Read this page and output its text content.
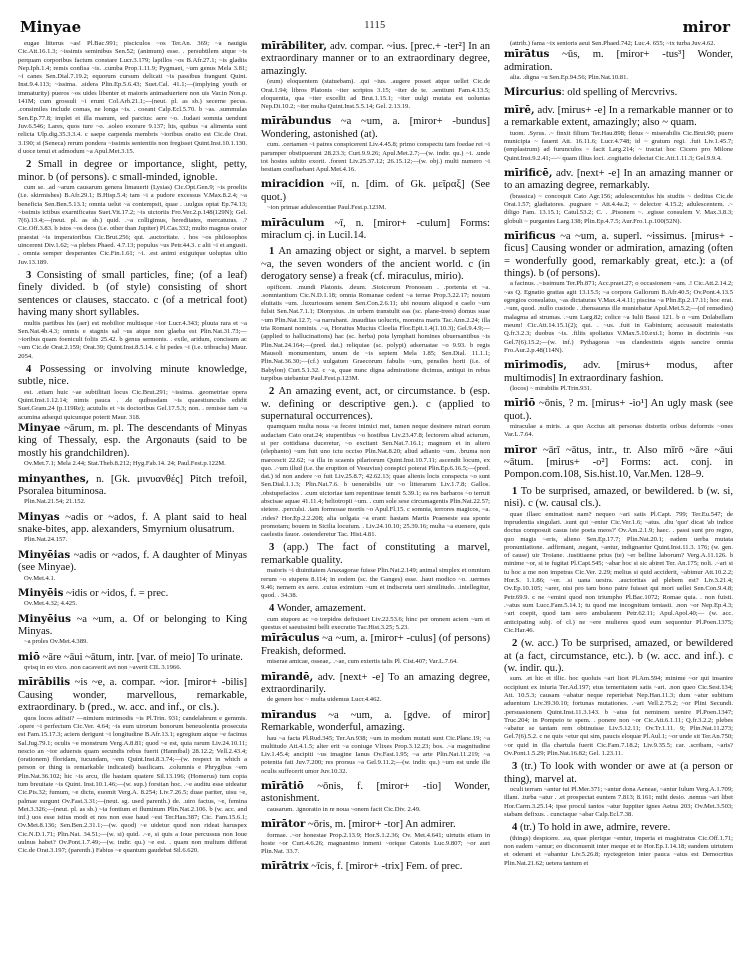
Minyae	1115	miror

eugae litterus ~as! Pl.Bac.991; pisciculos ~os Ter.An. 369; ~a nauigia Cic.Att.16.1.3; ~issimis seminibus Sen.52; (animum) esse. . persubtilem atque ~is perquam corporibus factum constare Lucr.3.179; lapillos ~os B.Afr.27.1; ~is gladiis Nep.Iph.1.4; remis confisa ~is. .cumba Prop.1.11.9; Pygmaei, ~um genus Mela 3.81; ~i canes Sen.Dial.7.19.2; equorum cursum delicati ~is passibus frangunt Quint. Inst.9.4.113; ~issima. .sidera Plin.Ep.5.6.43; Suet.Cal. 41.1;—(implying youth or immaturity) pueros ~os uides libenter et maioris animaduertere non uis Var.in Non.p. 141M; cum grossuli ~i erunt Col.Arb.21.1;—(neut. pl. as sb.) secerne pecus. .consimiles include comas, ne longa ~is. . coeant Calp.Ecl.5.70. b ~as. .summulas Sen.Ep.77.8; implet et illa manum, sed parcius: aere ~o. .Iudaei somnia uendunt Juv.6.546; Lares, quos ture ~o. .soleo exorare 9.137; his, quibus ~a alimenta sunt relicta Ulp.dig.35.3.3.4. c saepe carpenda membris ~ioribus oratio est Cic.de Orat. 3.190; si (Seneca) rerum pondera ~issimis sententiis non fregisset Quint.Inst.10.1.130. d uoce tenui et admodum ~a Apul.Met.3.15.

2 Small in degree or importance, slight, petty, minor. b (of persons). c small-minded, ignoble.

cum se. .ad ~arum causarum genera limauerit (Lysias) Cic.Opt.Gen.9; ~is proeliis (i.e. skirmishes) B.Afr.29.1; B.Hisp.5.4; tam ~i a pudore excessus V.Max.8.2.4; ~a beneficia Sen.Ben.5.13.1; omnia uelut ~a contempsit, quae . .uulgus optat Ep.74.13; ~issimis ictibus exarnificatus Suet.Vit.17.2; ~is uictoriis Fro.Ver.2.p.148(129N); Gel. 7(6).13.4;—(neut. pl. as sb.) quid. .~a colligimus, hereditates, mercaturas. .? Cic.Off.3.83. b istos ~os deos (i.e. other than Jupiter) Pl.Cas.332; multo magnus orator praestat ~is imperatoribus Cic.Brut.256; qui. .auctoritate. . hos ~os philosophos uincerent Div.1.62; ~a plebes Phaed. 4.7.13; populus ~us Petr.44.3. c alii ~i et angusti. . omnia semper desperantes Cic.Fin.1.61; ~i. .est animi exiguique uoluptas ultio Juv.13.189.

3 Consisting of small particles, fine; (of a leaf) finely divided. b (of style) consisting of short sentences or clauses, staccato. c (of a metrical foot) having many short syllables.

multis partibus his (aer) est mobilior multisque ~ior Lucr.4.343; pluuia rara et ~a Sen.Nat.4b.4.3; omnis e stagnis sal ~us atque non glaeba est Plin.Nat.31.73;— ~ioribus quam foeniculi foliis 25.42. b genus sermonis. . exile, aridum, concisum ac ~um Cic.de Orat.2.159; Orat.39; Quint.Inst.8.5.14. c hi pedes ~i (i.e. tribrachs) Maur. 2054.

4 Possessing or involving minute knowledge, subtle, nice.

est. .etiam huic ~ae subtilitati locus Cic.Brut.291; ~issima. .geometriae opera Quint.Inst.1.12.14; nimis pauca . .de quibusdam ~is quaestiunculis edidit Suet.Gram.24 (p.119Re); acutulis et ~is doctoribus Gel.17.5.3; non. . remisse tam ~a acumina adsequi quicunque poterit Maur. 318.

Minyae ~ārum, m. pl. The descendants of Minyas king of Thessaly, esp. the Argonauts (said to be mostly his grandchildren).

Ov.Met.7.1; Mela 2.44; Stat.Theb.8.212; Hyg.Fab.14. 24; Paul.Fest.p.122M.

minyanthes, n. [Gk. μινυανθές] Pitch trefoil, Psoralea bituminosa.

Plin.Nat.21.54; 21.152.

Minyas ~adis or ~ados, f. A plant said to heal snake-bites, app. alexanders, Smyrnium olusatrum.

Plin.Nat.24.157.

Minyēias ~adis or ~ados, f. A daughter of Minyas (see Minyae).

Ov.Met.4.1.

Minyēis ~idis or ~idos, f. = prec.

Ov.Met.4.32; 4.425.

Minyēius ~a ~um, a. Of or belonging to King Minyas.

~a proles Ov.Met.4.389.

miō ~āre ~āui ~ātum, intr. [var. of meio] To urinate.

qvisq in eo vico. .non cacaverit avt non ~averit CIL 3.1966.

mīrābilis ~is ~e, a. compar. ~ior. [miror+ -bilis] Causing wonder, marvellous, remarkable, extraordinary. b (pred., w. acc. and inf., or cls.).

quos locos adiisti? —nimium mirimodis ~is Pl.Trin. 931; candelabrum e gemmis. .opere ~i perfectum Cic.Ver. 4.64; ~is eum uirorum bonorum beneuolentia prosecuta est Fam.15.17.3; aciem derigunt ~i longitudine B.Afr.13.1; egregium atque ~e facinus Sal.Jug.79.1; oculis ~e monstrum Verg.A.8.81; quod ~e est, quia rarum Liv.24.10.11; nescio an ~ior aduersis quam secundis rebus fuerit (Hannibal) 28.12.2; Vell.2.43.4; (orationem) floridam, iucundam, ~em Quint.Inst.8.3.74;—(w. respect in which a person or thing is remarkable indicated) basilicam. .columnis e Phrygibus ~em Plin.Nat.36.102; hic ~is arcu, ille hastam quatere Sil.13.196; (Homerus) tum copia tum breuitate ~is Quint. Inst.10.1.46;—(w. sup.) forsitan hoc. .~e auditu esse uideatur Cic.Pis.32; fumum, ~e dictu, euomit Verg.A. 8.254; Liv.7.26.5; duae pariter, uisu ~e, palmae surgunt Ov.Fast.3.31;—(neut. sg. used parenth.) de. .uiro factus, ~e, femina Met.3.326;—(neut. pl. as sb.) ~ia fontium et fluminum Plin.Nat.2.106. b (w. acc. and inf.) uos esse istius modi et nos non esse haud ~est Ter.Hau.387; Cic. Fam.15.6.1; Ov.Met.8.136; Sen.Ben.2.31.1;—(w. quod) ~e uidetur quod non rideat haruspex Cic.N.D.1.71; Plin.Nat. 34.51;—(w. si) quid. .~e, si quis a Ioue percussus non Ioue uulnus habet? Ov.Pont.1.7.49;—(w. indir. qu.) ~e est. . quam non multum differat Cic.de Orat.3.197; (parenth.) Fabius ~e quantum gaudebat Sil.6.620.

mīrābiliter, adv. compar. ~ius. [prec.+ -ter²] In an extraordinary manner or to an extraordinary degree, amazingly.

(eum) eloquentem (statuebam). .qui ~ius. .augere posset atque uellet Cic.de Orat.1.94; libros Platonis ~iter scriptos 3.15; ~iter de te. .sentiunt Fam.4.13.5; eloquentia, qua ~iter excellit ad Brut.1.15.1; ~iter uulgi mutata est uoluntas Nep.Di.10.2; ~iter multa Quint.Inst.5.5.14; Gel. 2.13.19.

mīrābundus ~a ~um, a. [miror+ -bundus] Wondering, astonished (at).

cum. .certamen ~i patres conspicerent Liv.4.45.8; primo conspectu tam foedae rei ~i parumper obstipuerunt 28.23.3; Curt.9.9.26; Apul.Met.2.7;—(w. indir. qu.) ~i. .unde tot hostes subito exorti. .forent Liv.25.37.12; 26.15.12;—(w. obj.) multi numero ~i bestiam confluebant Apul.Met.4.16.

miracidion ~iī, n. [dim. of Gk. μεῖραξ] (See quot.)

~ion primae adulescentiae Paul.Fest.p.123M.

mīrāculum ~ī, n. [miror+ -culum] Forms: miraclum cj. in Lucil.14.

1 An amazing object or sight, a marvel. b septem ~a, the seven wonders of the ancient world. c (in derogatory sense) a freak (cf. miraculus, mirio).

opificem. .mundi Platonis. .deum. .Stoicorum Pronoeam . .portenta et ~a. .somniantium Cic.N.D.1.18; omnia Romanae cedent ~a terrae Prop.3.22.17; nouum eluitatis ~um. .luxuriosum senem Sen.Con.2.6.11; ubi nouum aliquod e caelo ~um fulsit Sen.Nat.7.1.1; Dionysius. .in urbem transtulit eas (sc. plane-trees) domus suae ~um Plin.Nat.12.7; ~a narrabant. .inauditas uolucris, monstra maris Tac.Ann.2.24; illa tria Romani nominis. .~a, Horatius Mucius Cloelia Flor.Epit.1.4(1.10.3); Gel.9.4.9;— (applied to hallucinations) hac (sc. herba) pota lymphati homines obuersantibus ~is Plin.Nat.24.164;—(pred. dat.) reliquiae (sc. polypi) adseruatae ~o 9.93. b regis Mausoli monumentum, unum de ~is septem Mela 1.85; Sen.Dial. 11.1.1; Plin.Nat.36.30;—(cf.) uulgatum Graecorum fabulis ~um, pensiles horti (i.e. of Babylon) Curt.5.1.32. c ~a, quae nunc digna admiratione dicimus, antiqui in rebus turpibus utebantur Paul.Fest.p.123M.

2 An amazing event, act, or circumstance. b (esp. w. defining or descriptive gen.). c (applied to supernatural occurrences).

quamquam multa noua ~a fecere inimici mei, tamen neque desinere mirari eorum audaciam Cato orat.24; stupentibus ~o hostibus Liv.23.47.8; lectorem aliud acturum, si per cottidiana duceretur, ~o excitant Sen.Nat.7.16.1; magnum et in altero (elephanto) ~um fuit uno ictu occiso Plin.Nat.8.20; aliud adianto ~um. .bruma non marcescit 22.62; ~a illa in scaenis pilariorum Quint.Inst.10.7.11; ascendit locum, ex quo. .~um illud (i.e. the eruption of Vesuvius) conspici poterat Plin.Ep.6.16.5;—(pred. dat.) id non andere ~o fuit Liv.25.8.7; 42.62.13; quae alienis locis conspecta ~o sunt Sen.Dial.1.1.3; Plin.Nat.7.6. b uenerabilis uir ~o litterarum Liv.1.7.8; Gallos. .obstupefactos . .cum uictoriae tam repentinae tenuit 5.39.1; ea res barbaros ~o terruit abscisae aquae 41.11.4; heliotropii ~um. . cum sole sese circumagentis Plin.Nat.22.57; stetere. .perculsi. .tam formosae mortis ~o Apul.Fl.15. c somnia, terrores magicos, ~a. .rides? Hor.Ep.2.2.208; alia uolgata ~a erant: hastam Martis Praeneste sua sponte promotam; bouem in Sicilia locutum. . Liv.24.10.10; 25.39.16; multa ~a euenere, quis caelestis fauor. .ostenderetur Tac. Hist.4.81.

3 (app.) The fact of constituting a marvel, remarkable quality.

maioris ~i diuinitatem Anaxagorae fuisse Plin.Nat.2.149; animal simplex et omnium rerum ~o stupens 8.114; in eodem (sc. the Ganges) esse. .haut modico ~o. .uermes 9.46; nemem ex aere. .cuius eximium ~um et indiscreta ueri similitudo. .intellegitur, quod. . 34.38.

4 Wonder, amazement.

cum stupore ac ~o torpidos defixisset Liv.22.53.6; hinc per omnem aciem ~um et questus et saeuissimi belli execratio Tac.Hist.3.25; 5.23.

mīrāculus ~a ~um, a. [miror+ -culus] (of persons) Freakish, deformed.

miserae amicae, osseae,. .~ae, cum extertis talis Pl. Cist.407; Var.L.7.64.

mīrandē, adv. [next+ -e] To an amazing degree, extraordinarily.

de genere hoc ~ multa uidemus Lucr.4.462.

mīrandus ~a ~um, a. [gdve. of miror] Remarkable, wonderful, amazing.

hau ~a facta Pl.Rud.345; Ter.An.938; ~um in modum mutati sunt Cic.Planc.19; ~a multitudo Att.4.1.5; alter erit ~a coniuge Vlixes Prop.3.12.23; bos. .~a magnitudine Liv.1.45.4; ancipiti ~us imagine Ianus Ov.Fast.1.95; ~a arte Plin.Nat.11.219; ~a potentia fati Juv.7.200; res prorsus ~a Gel.9.11.2;—(w. indir. qu.) ~um est unde ille oculis suffecerit umor Juv.10.32.

mīrātiō ~ōnis, f. [miror+ -tio] Wonder, astonishment.

causarum. .ignoratio in re noua ~onem facit Cic.Div. 2.49.

mīrātor ~ōris, m. [miror+ -tor] An admirer.

formae. .~or honestae Prop.2.13.9; Hor.S.1.2.36; Ov. Met.4.641; uirtutis etiam in hoste ~or Curt.4.6.26; magnanimo inmeni ~orique Catonis Luc.9.807; ~or auri Plin.Nat. 33.7.

mīrātrix ~īcis, f. [miror+ -trix] Fem. of prec.

(attrib.) fama ~ix senioris aeui Sen.Phaed.742; Luc.4. 655; ~ix turba Juv.4.62.

mīrātus ~ūs, m. [miror+ -tus³] Wonder, admiration.

alia. .digna ~u Sen.Ep.94.56; Plin.Nat.10.81.

Mircurius: old spelling of Mercvrivs.

mīrē, adv. [mirus+ -e] In a remarkable manner or to a remarkable extent, amazingly; also ~ quam.

tuom. .Syrus. .~ finxit filium Ter.Hau.898; fletus ~ miserabilis Cic.Brut.90; puero municipia ~ fauent Att. 16.11.6; Lucr.4.748; id ~ gratum regi. .fuit Liv.1.45.7; (emplastrum) ad furunculos ~ facit Larg.214; ~ tractat hoc Cicero pro Milone Quint.Inst.9.2.41;—~ quam illius loci. .cogitatio delectat Cic.Att.1.11.3; Gel.9.9.4.

mīrificē, adv. [next+ -e] In an amazing manner or to an amazing degree, remarkably.

(brassica) ~ concoquit Cato Agr.156; adulescentulus his studiis ~ deditus Cic.de Orat.1.57; gladiatores. .pugnare ~ Att.4.4a.2; ~ delector 4.15.2; adulescentem. .~ diligo Fam. 13.15.1; Catul.53.2; C. . .Pisonem ~. .egisse consulem V. Max.3.8.3; globuli ~ purgantes Larg.138; Plin.Ep.4.7.5; Aur.Fro.1.p.100(52N).

mīrificus ~a ~um, a. superl. ~issimus. [mirus+ -ficus] Causing wonder or admiration, amazing (often = wonderfully good, remarkably great, etc.): a (of things). b (of persons).

a facinus. .~issimum Ter.Ph.871; Acc.praet.27; o occasionem ~am. .! Cic.Att.2.14.2; ~as Q. Egnatio gratias agit 13.15.5; ~a corpora Gallorum B.Afr.40.5; Ov.Pont.4.13.5 egregios consulatus, ~as dictaturas V.Max.4.4.11; piscina ~a Plin.Ep.2.17.11; hoc erat. .~um, quod. .nullo custode . .thensaurus ille muniebatur Apul.Met.5.2;—(of remedies) malagma ad strumas. .~um Larg.82; colice ~a Iulii Bassi 121. b o ~um Dolabellam meum! Cic.Att.14.15.1(2); qui. . ~us. .fuit in Gabinium; accusauit maiestatis Q.fr.3.2.3; duobus ~is. .filiis spoliatus V.Max.5.10.ext.1; homo in doctrinis ~us Gel.7(6).15.2;—(w. inf.) Pythagoras ~us clandestinis signis sancire omnia Fro.Aur.2.p.48(114N).

mīrimodīs, adv. [mirus+ modus, after multimodis] In extraordinary fashion.

(locos) ~ mirabilis Pl.Trin.931.

mīriō ~ōnis, ? m. [mirus+ -io¹] An ugly mask (see quot.).

miraculae a miris. .a quo Accius ait personas distortis oribus deformis ~ones Var.L.7.64.

mīror ~ārī ~ātus, intr., tr. Also mīrō ~āre ~āui ~ātum. [mirus+ -o²] Forms: act. conj. in Pompon.com.108, Sis.hist.10, Var.Men. 128–9.

1 To be surprised, amazed, or bewildered. b (w. si, nisi). c (w. causal cls.).

quae illaec eminatiost nam? nequeo ~ari satis Pl.Capt. 799; Ter.Eu.547; de inprudentia singulari. .sunt qui ~entur Cic.Ver.1.6; ~atus. .diu 'quo' dicat 'ab indice doctus composuit casus iste poeta meos?' Ov.Am.2.1.9; haec. . passi sunt pro regno, quo magis ~eris, alieno Sen.Ep.17.7; Plin.Nat.20.1; eadem uerba mutata pronuntiatione. .adfirmant, .negant, ~antur, indignantur Quint.Inst.11.3. 176; (w. gen. of cause) uir Troiane. .iustitiaene prius (te) ~er belline laborum? Verg.A.11.126. b minime ~or, si te fugitat Pl.Capt.545; ~abar hoc si sic abiret Ter. An.175; noli. .~ari si tu hoc a me non impetras Cic.Ver. 2.29; melius si quid acciderit, ~abimur Att.10.2.2; Hor.S. 1.1.86; ~or. .si uana uestra. .auctoritas ad plebem est? Liv.3.21.4; Ov.Ep.10.105; ~arer, nisi pro tam bono patre fuisset qui mori uellet Sen.Con.9.4.8; Petr.69.9. c ne ~emini quod non triumpho Pl.Bac.1072; Romae quia. . non fuisti. .~atus sum Lucc.Fam.5.14.1; tu quod me incognitum tentasti. .non ~or Nep.Ep.4.3; ~ari coepit, quod tam sero ambularem Petr.62.11; Apul.Apol.40;— (w. acc. anticipating subj. of cl.) ne ~ere mulieres quod eum sequontur Pl.Poen.1375; Cic.Har.46.

2 (w. acc.) To be surprised, amazed, or bewildered at (a fact, circumstance, etc.). b (w. acc. and inf.). c (w. indir. qu.).

sum. .et hic et illic. hoc quoluis ~ari licet Pl.Am.594; minime ~or qui insanire occipiunt ex iniuria Ter.Ad.197; eius temeritatem satis ~ari. .non queo Cic.Sest.134; Att. 10.5.3; causam ~abatur neque reperiebat Nep.Han.11.3; dum ~atur subitum aduentum Liv.39.30.10; fortunas mutationes. .~ari Vell.2.75.2; ~or Plini Secundi. .persuasionem Quint.Inst.11.3.143. b ~atus fui neminem uenire Pl.Poen.1347; Truc.204; in Pompeio te spem. . ponere non ~or Cic.Att.6.1.11; Q.fr.3.2.2; plebes ~abatur se tantam rem obtinuisse Liv.5.12.11; Ov.Tr.1.11. 9; Plin.Nat.11.273; Gel.7(6).5.2. c ne quis ~etur qui sim, paucis eloquar Pl.Aul.1; ~or unde sit Ter.An.750; ~or quid in illa chartula fuerit Cic.Fam.7.18.2; Liv.9.35.5; car. .scribam, ~aris? Ov.Pont.1.5.29; Plin.Nat.16.82; Gel. 1.23.11.

3 (tr.) To look with wonder or awe at (a person or thing), marvel at.

oculi terram ~antur tui Pl.Mer.371; ~antur dona Aeneae, ~antur Iulum Verg.A.1.709; illam. .turba ~atur . .et prospectat euntem 7.813; 8.161; mihi desio. .nemus ~ari libet Hor.Carm.3.25.14; ipse procul tantos ~atur Iuppiter ignes Aetna 203; Ov.Met.3.503; stabam defixus. . cunctaque ~abar Calp.Ecl.7.38.

4 (tr.) To hold in awe, admire, revere.

(things) despicere. .ea, quae plerique ~entur, imperia et magistratus Cic.Off.1.71; non eadem ~amur; eo disconuenit inter meque et te Hor.Ep.1.14.18; eandem uirtutem et oderant et ~abantur Liv.5.26.8; nyctegreton inter pauca ~atus est Democritus Plin.Nat.21.62; uetera tantum et
